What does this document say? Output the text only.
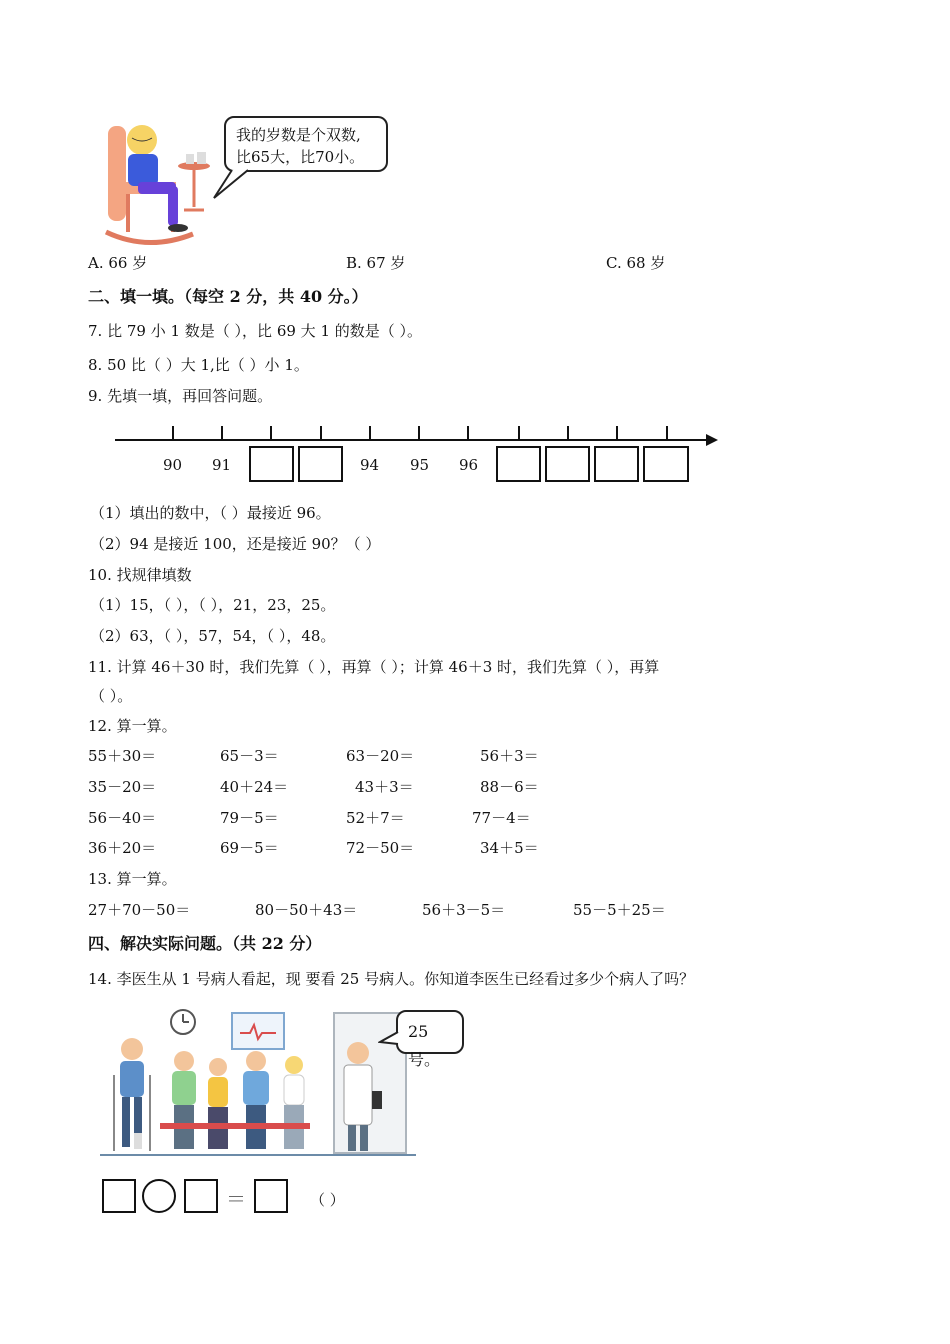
我的岁数是个双数,
比65大，比70小。
A. 66 岁	B. 67 岁	C. 68 岁
二、填一填。（每空 2 分，共 40 分。）
7. 比 79 小 1 数是（ ），比 69 大 1 的数是（ ）。
8. 50 比（ ）大 1,比（ ）小 1。
9. 先填一填，再回答问题。
90 91	94 95 96
（1）填出的数中，（ ）最接近 96。
（2）94 是接近 100，还是接近 90？（ ）
10. 找规律填数
（1）15，（ ），（ ），21，23，25。
（2）63，（ ），57，54，（ ），48。
11. 计算 46＋30 时，我们先算（ ），再算（ ）；计算 46＋3 时，我们先算（ ），再算
（ ）。
12. 算一算。
55＋30＝	65－3＝	63－20＝	56＋3＝
35－20＝	40＋24＝	43＋3＝	88－6＝
56－40＝	79－5＝	52＋7＝	77－4＝
36＋20＝	69－5＝	72－50＝	34＋5＝
13. 算一算。
27＋70－50＝	80－50＋43＝	56＋3－5＝	55－5＋25＝
四、解决实际问题。（共 22 分）
14. 李医生从 1 号病人看起，现 要看 25 号病人。你知道李医生已经看过多少个病人了吗？
25号。
＝	（ ）
